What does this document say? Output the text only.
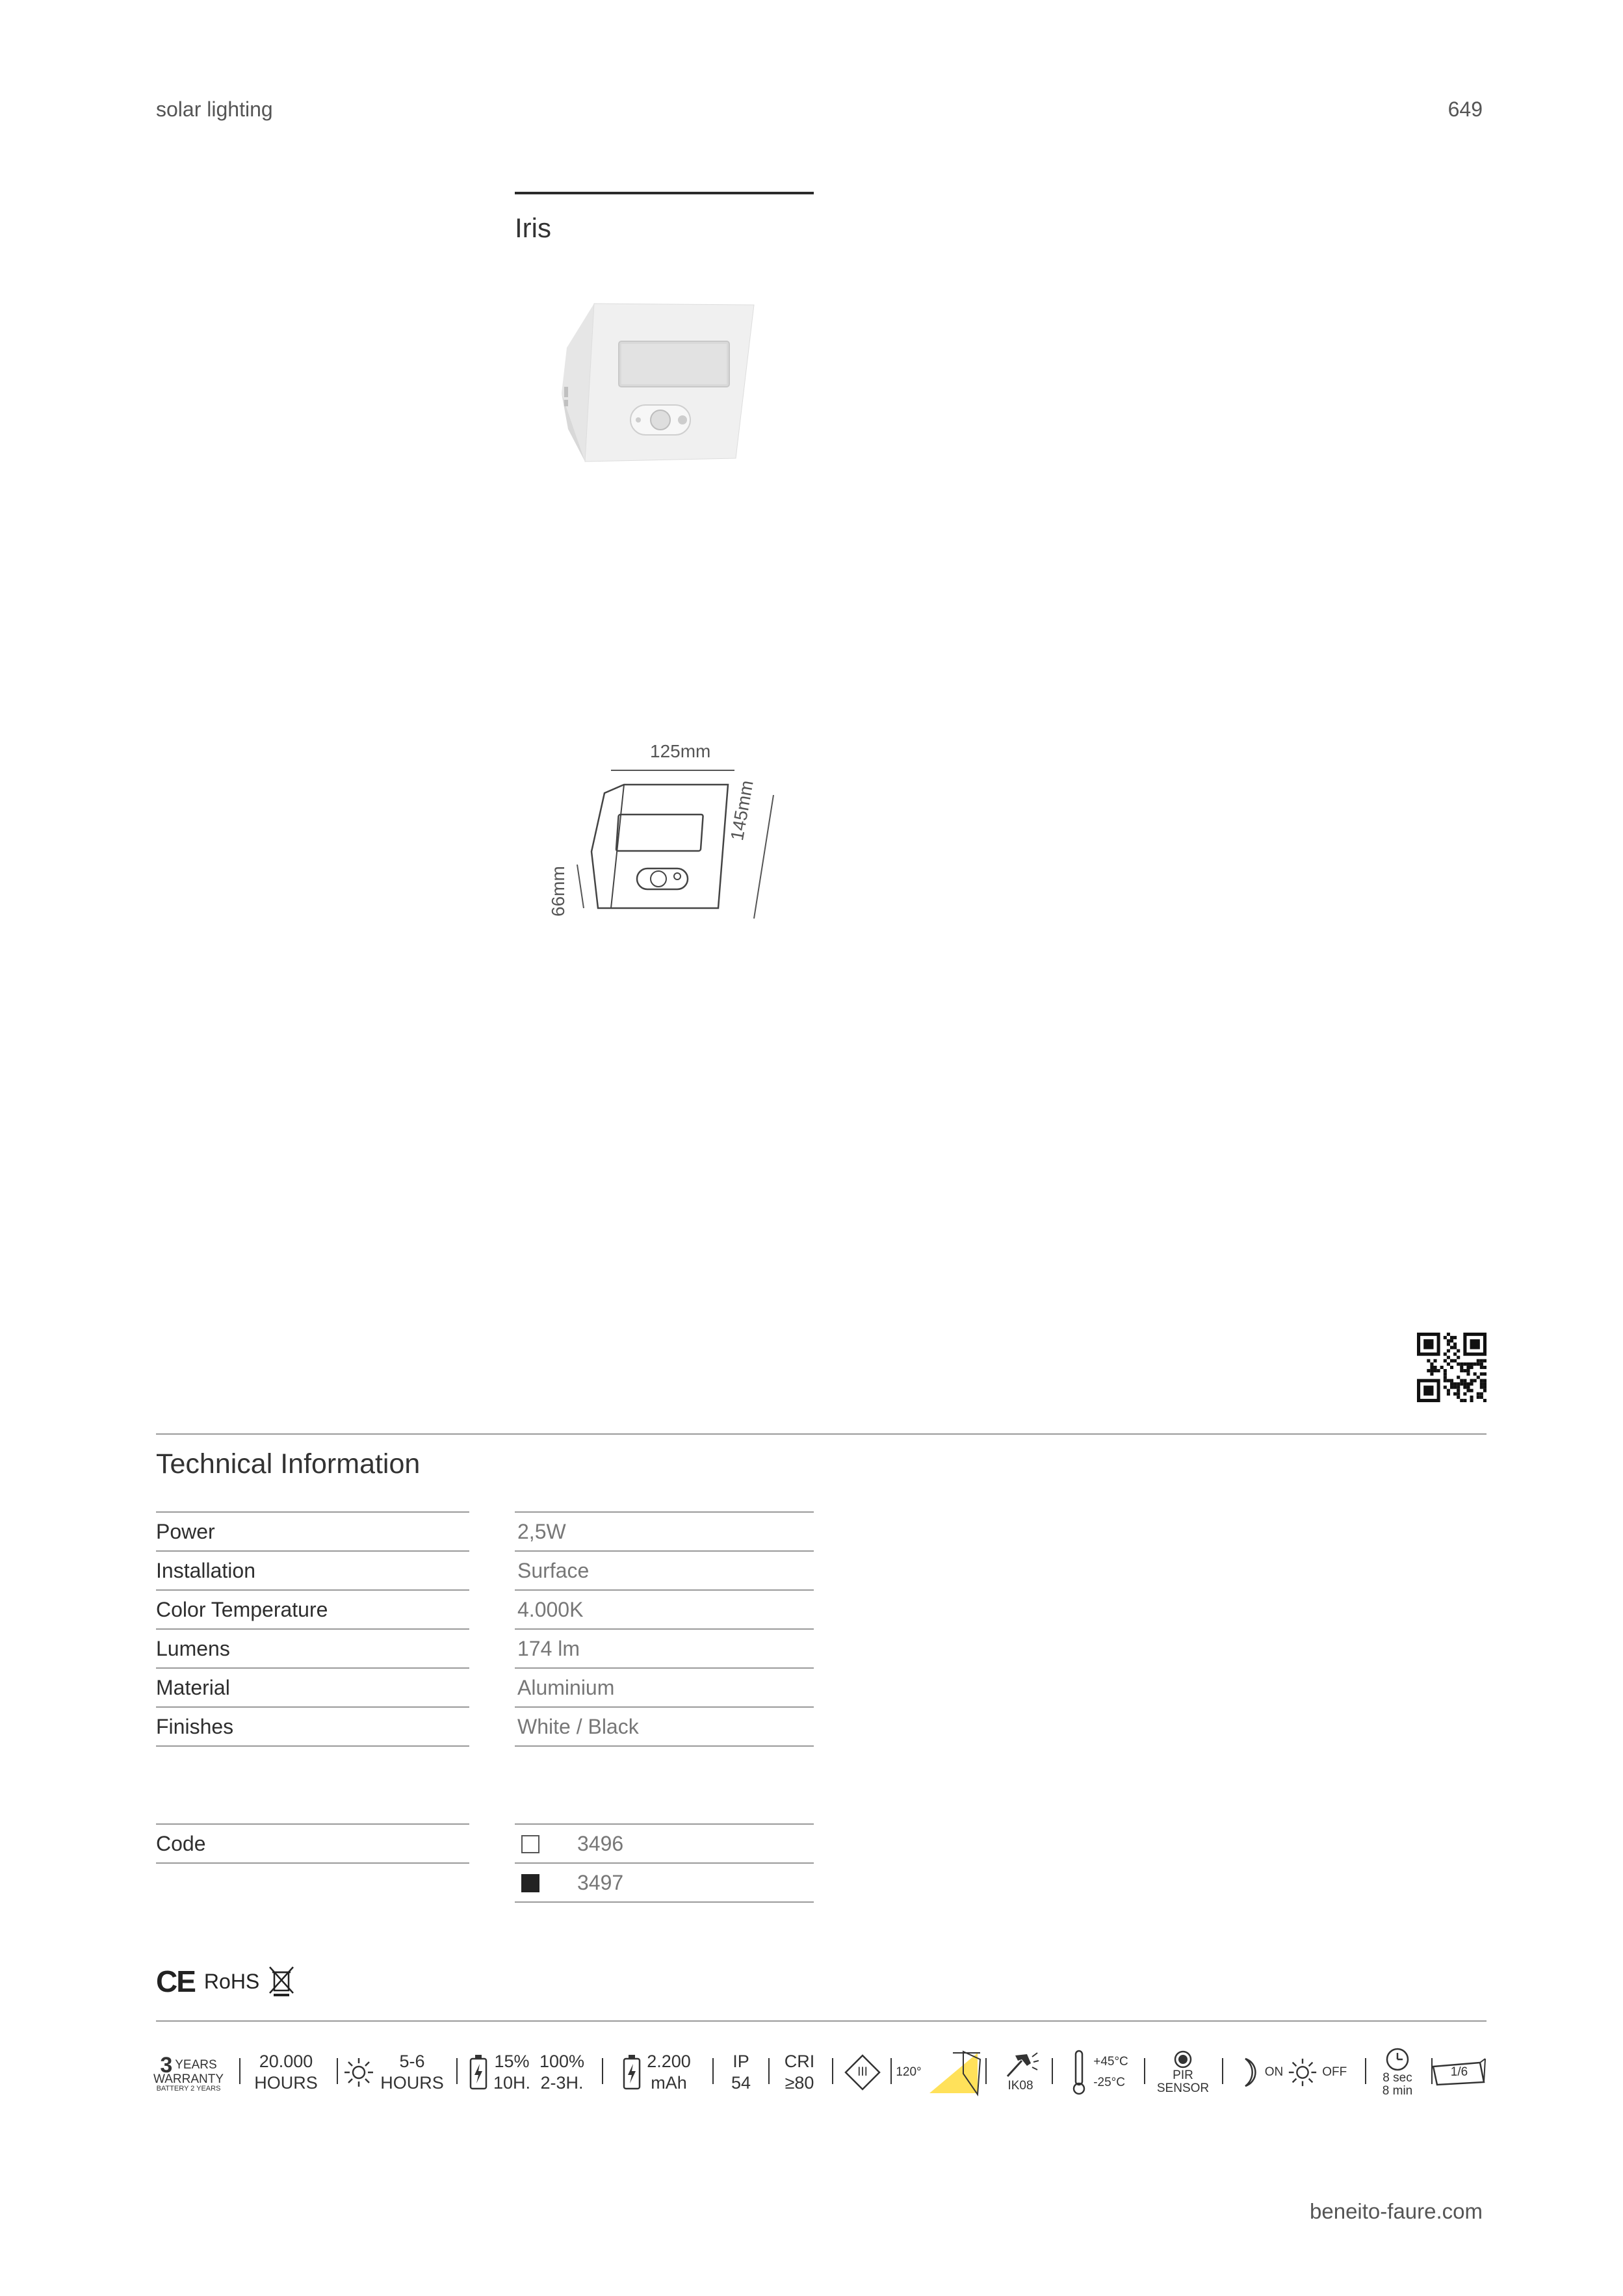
solar lighting	649
Iris
125mm
145mm
66mm
Technical Information
Power	2,5W
Installation	Surface
Color Temperature	4.000K
Lumens	174 lm
Material	Aluminium
Finishes	White / Black
Code	3496
3497
CE RoHS
3 YEARS
WARRANTY
BATTERY 2 YEARS
20.000
HOURS
5-6
HOURS
15% 100%
10H. 2-3H.
2.200
mAh
IP
54
CRI
≥80
III	120°
IK08
+45°C
-25°C
PIR
SENSOR
ON	OFF	8 sec
8 min
1/6
beneito-faure.com
